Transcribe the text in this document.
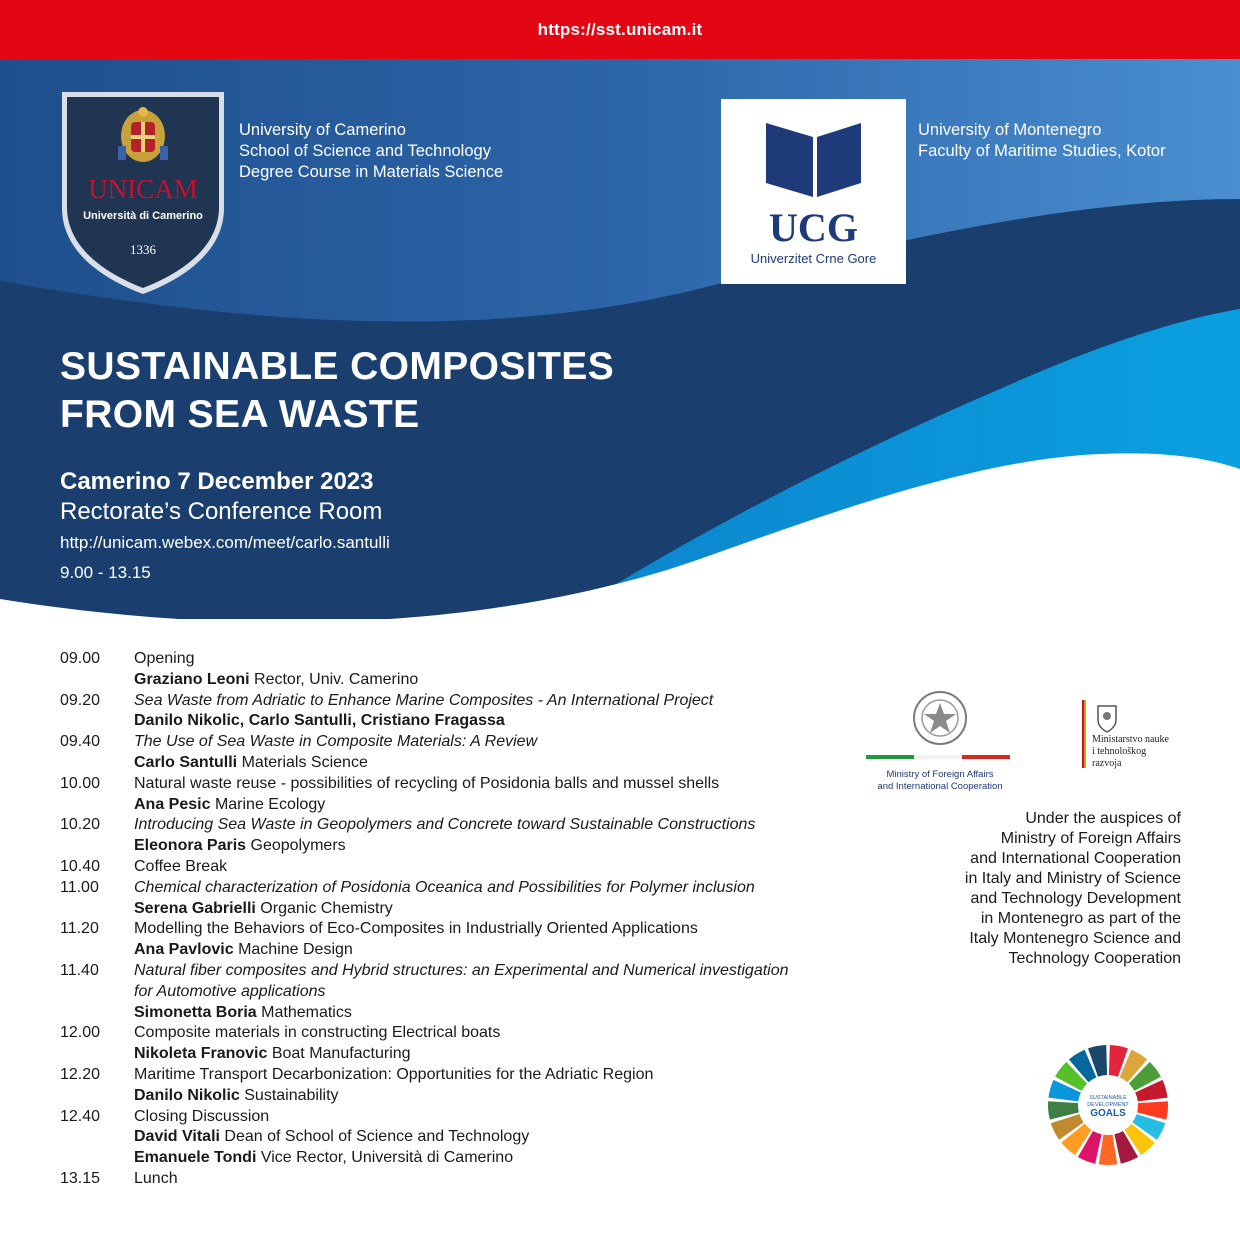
https://sst.unicam.it
UNICAM
Università di Camerino
1336
University of Camerino
School of Science and Technology
Degree Course in Materials Science
UCG
Univerzitet Crne Gore
University of Montenegro
Faculty of Maritime Studies, Kotor
SUSTAINABLE COMPOSITES
FROM SEA WASTE
Camerino 7 December 2023
Rectorate’s Conference Room
http://unicam.webex.com/meet/carlo.santulli
9.00 - 13.15
09.00	Opening
Graziano Leoni Rector, Univ. Camerino
09.20	Sea Waste from Adriatic to Enhance Marine Composites - An International Project
Danilo Nikolic, Carlo Santulli, Cristiano Fragassa
09.40	The Use of Sea Waste in Composite Materials: A Review
Carlo Santulli Materials Science
10.00	Natural waste reuse - possibilities of recycling of Posidonia balls and mussel shells
Ana Pesic Marine Ecology
10.20	Introducing Sea Waste in Geopolymers and Concrete toward Sustainable Constructions
Eleonora Paris Geopolymers
10.40	Coffee Break
11.00	Chemical characterization of Posidonia Oceanica and Possibilities for Polymer inclusion
Serena Gabrielli Organic Chemistry
11.20	Modelling the Behaviors of Eco-Composites in Industrially Oriented Applications
Ana Pavlovic Machine Design
11.40	Natural fiber composites and Hybrid structures: an Experimental and Numerical investigation
for Automotive applications
Simonetta Boria Mathematics
12.00	Composite materials in constructing Electrical boats
Nikoleta Franovic Boat Manufacturing
12.20	Maritime Transport Decarbonization: Opportunities for the Adriatic Region
Danilo Nikolic Sustainability
12.40	Closing Discussion
David Vitali Dean of School of Science and Technology
Emanuele Tondi Vice Rector, Università di Camerino
13.15	Lunch
Ministry of Foreign Affairs
and International Cooperation
Ministarstvo nauke
i tehnološkog
razvoja
Under the auspices of
Ministry of Foreign Affairs
and International Cooperation
in Italy and Ministry of Science
and Technology Development
in Montenegro as part of the
Italy Montenegro Science and
Technology Cooperation
SUSTAINABLE
DEVELOPMENT
GOALS
